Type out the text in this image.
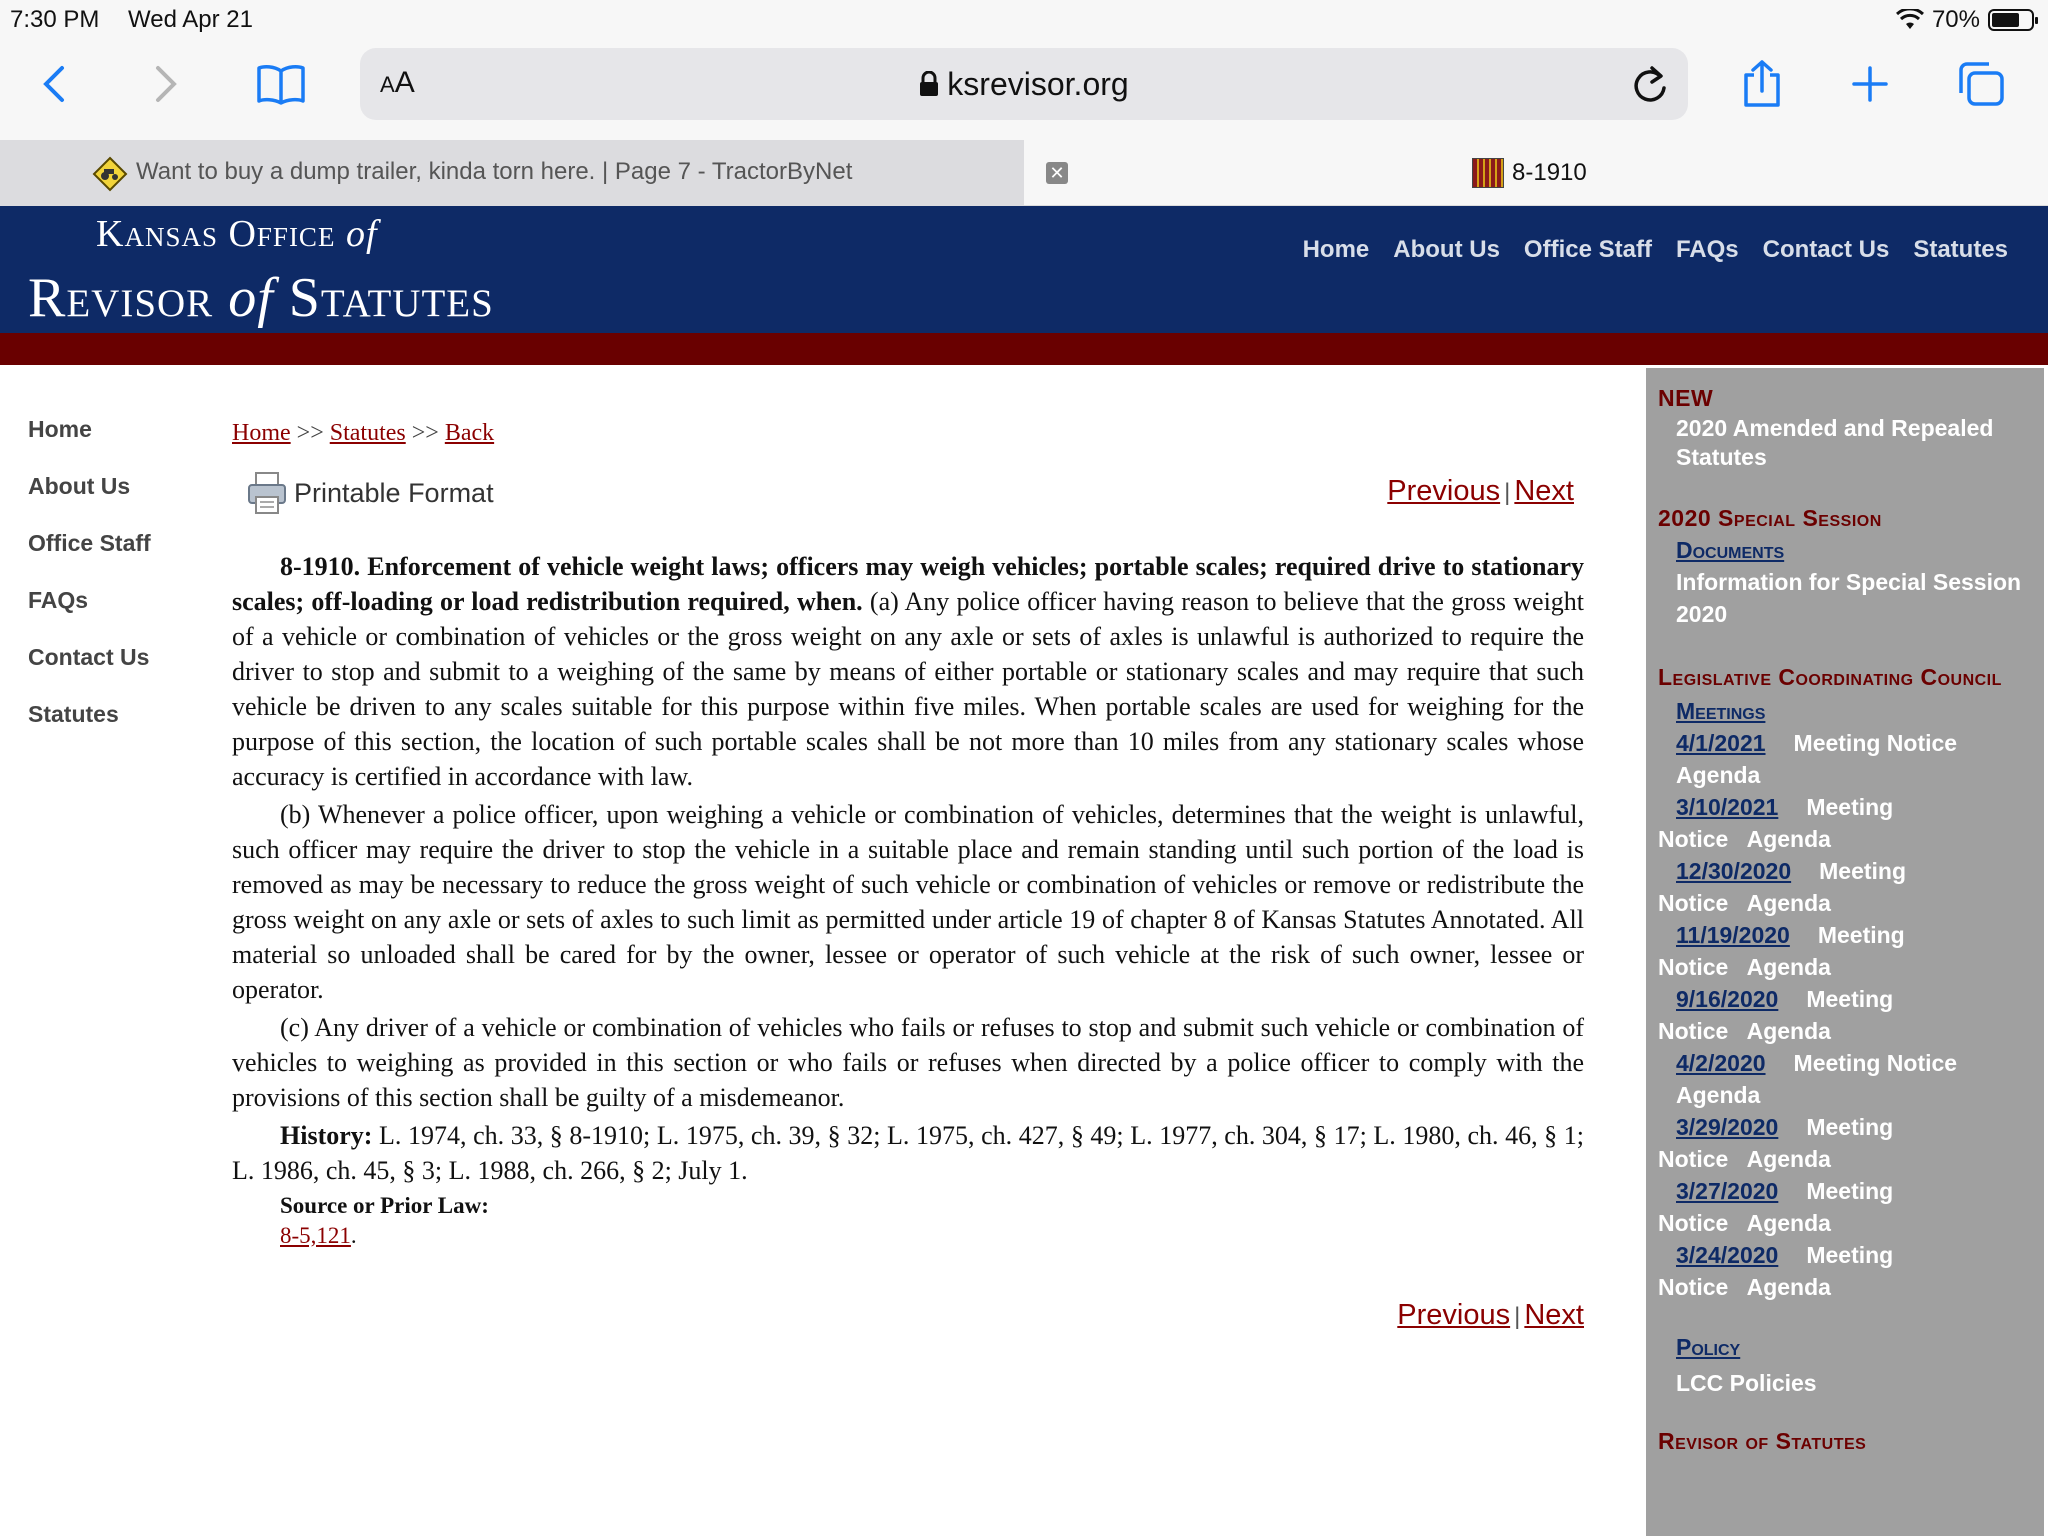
7:30 PM Wed Apr 21	70%
AA	ksrevisor.org
Want to buy a dump trailer, kinda torn here. | Page 7 - TractorByNet	✕	8-1910
Kansas Office of
Revisor of Statutes
Home About Us Office Staff FAQs Contact Us Statutes
Home
About Us
Office Staff
FAQs
Contact Us
Statutes
Home >> Statutes >> Back
Printable Format	Previous | Next

8-1910. Enforcement of vehicle weight laws; officers may weigh vehicles; portable scales; required drive to stationary scales; off-loading or load redistribution required, when. (a) Any police officer having reason to believe that the gross weight of a vehicle or combination of vehicles or the gross weight on any axle or sets of axles is unlawful is authorized to require the driver to stop and submit to a weighing of the same by means of either portable or stationary scales and may require that such vehicle be driven to any scales suitable for this purpose within five miles. When portable scales are used for weighing for the purpose of this section, the location of such portable scales shall be not more than 10 miles from any stationary scales whose accuracy is certified in accordance with law.

(b) Whenever a police officer, upon weighing a vehicle or combination of vehicles, determines that the weight is unlawful, such officer may require the driver to stop the vehicle in a suitable place and remain standing until such portion of the load is removed as may be necessary to reduce the gross weight of such vehicle or combination of vehicles or remove or redistribute the gross weight on any axle or sets of axles to such limit as permitted under article 19 of chapter 8 of Kansas Statutes Annotated. All material so unloaded shall be cared for by the owner, lessee or operator of such vehicle at the risk of such owner, lessee or operator.

(c) Any driver of a vehicle or combination of vehicles who fails or refuses to stop and submit such vehicle or combination of vehicles to weighing as provided in this section or who fails or refuses when directed by a police officer to comply with the provisions of this section shall be guilty of a misdemeanor.

History: L. 1974, ch. 33, § 8-1910; L. 1975, ch. 39, § 32; L. 1975, ch. 427, § 49; L. 1977, ch. 304, § 17; L. 1980, ch. 46, § 1; L. 1986, ch. 45, § 3; L. 1988, ch. 266, § 2; July 1.

Source or Prior Law:
8-5,121.
Previous | Next
NEW
2020 Amended and Repealed Statutes
2020 Special Session
Documents
Information for Special Session 2020
Legislative Coordinating Council
Meetings
4/1/2021 Meeting Notice
Agenda
3/10/2021 Meeting
Notice   Agenda
12/30/2020 Meeting
Notice   Agenda
11/19/2020 Meeting
Notice   Agenda
9/16/2020 Meeting
Notice   Agenda
4/2/2020 Meeting Notice
Agenda
3/29/2020 Meeting
Notice   Agenda
3/27/2020 Meeting
Notice   Agenda
3/24/2020 Meeting
Notice   Agenda
Policy
LCC Policies
Revisor of Statutes
